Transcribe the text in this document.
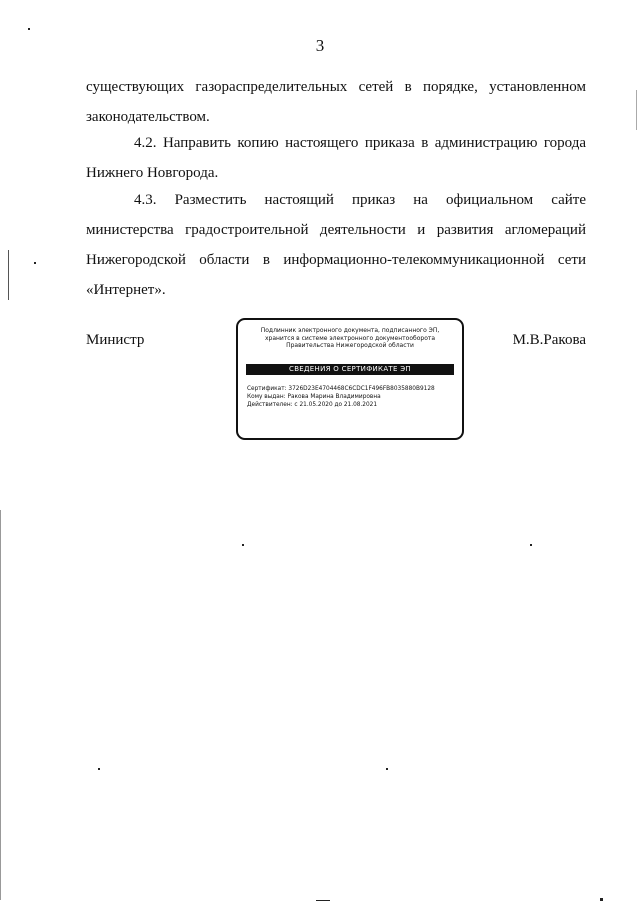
3
существующих газораспределительных сетей в порядке, установленном законодательством.
4.2. Направить копию настоящего приказа в администрацию города Нижнего Новгорода.
4.3. Разместить настоящий приказ на официальном сайте министерства градостроительной деятельности и развития агломераций Нижегородской области в информационно-телекоммуникационной сети «Интернет».
Министр
Подлинник электронного документа, подписанного ЭП,
хранится в системе электронного документооборота
Правительства Нижегородской области
СВЕДЕНИЯ О СЕРТИФИКАТЕ ЭП
Сертификат: 3726D23E4704468C6CDC1F496FB8035880B9128
Кому выдан: Ракова Марина Владимировна
Действителен: с 21.05.2020 до 21.08.2021
М.В.Ракова
